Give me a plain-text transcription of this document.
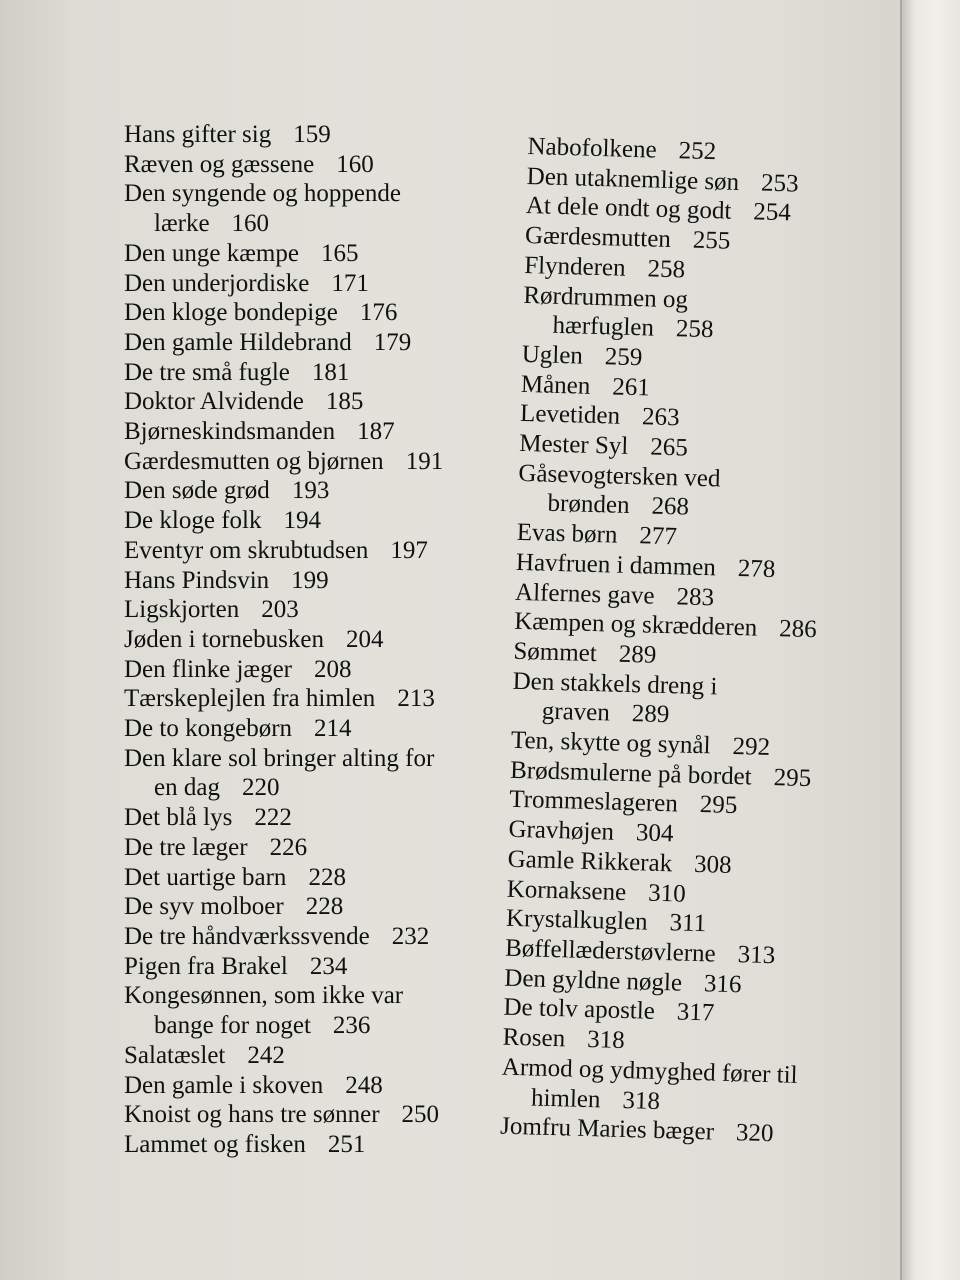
Hans gifter sig 159
Ræven og gæssene 160
Den syngende og hoppende
lærke 160
Den unge kæmpe 165
Den underjordiske 171
Den kloge bondepige 176
Den gamle Hildebrand 179
De tre små fugle 181
Doktor Alvidende 185
Bjørneskindsmanden 187
Gærdesmutten og bjørnen 191
Den søde grød 193
De kloge folk 194
Eventyr om skrubtudsen 197
Hans Pindsvin 199
Ligskjorten 203
Jøden i tornebusken 204
Den flinke jæger 208
Tærskeplejlen fra himlen 213
De to kongebørn 214
Den klare sol bringer alting for
en dag 220
Det blå lys 222
De tre læger 226
Det uartige barn 228
De syv molboer 228
De tre håndværkssvende 232
Pigen fra Brakel 234
Kongesønnen, som ikke var
bange for noget 236
Salatæslet 242
Den gamle i skoven 248
Knoist og hans tre sønner 250
Lammet og fisken 251
Nabofolkene 252
Den utaknemlige søn 253
At dele ondt og godt 254
Gærdesmutten 255
Flynderen 258
Rørdrummen og
hærfuglen 258
Uglen 259
Månen 261
Levetiden 263
Mester Syl 265
Gåsevogtersken ved
brønden 268
Evas børn 277
Havfruen i dammen 278
Alfernes gave 283
Kæmpen og skrædderen 286
Sømmet 289
Den stakkels dreng i
graven 289
Ten, skytte og synål 292
Brødsmulerne på bordet 295
Trommeslageren 295
Gravhøjen 304
Gamle Rikkerak 308
Kornaksene 310
Krystalkuglen 311
Bøffellæderstøvlerne 313
Den gyldne nøgle 316
De tolv apostle 317
Rosen 318
Armod og ydmyghed fører til
himlen 318
Jomfru Maries bæger 320
